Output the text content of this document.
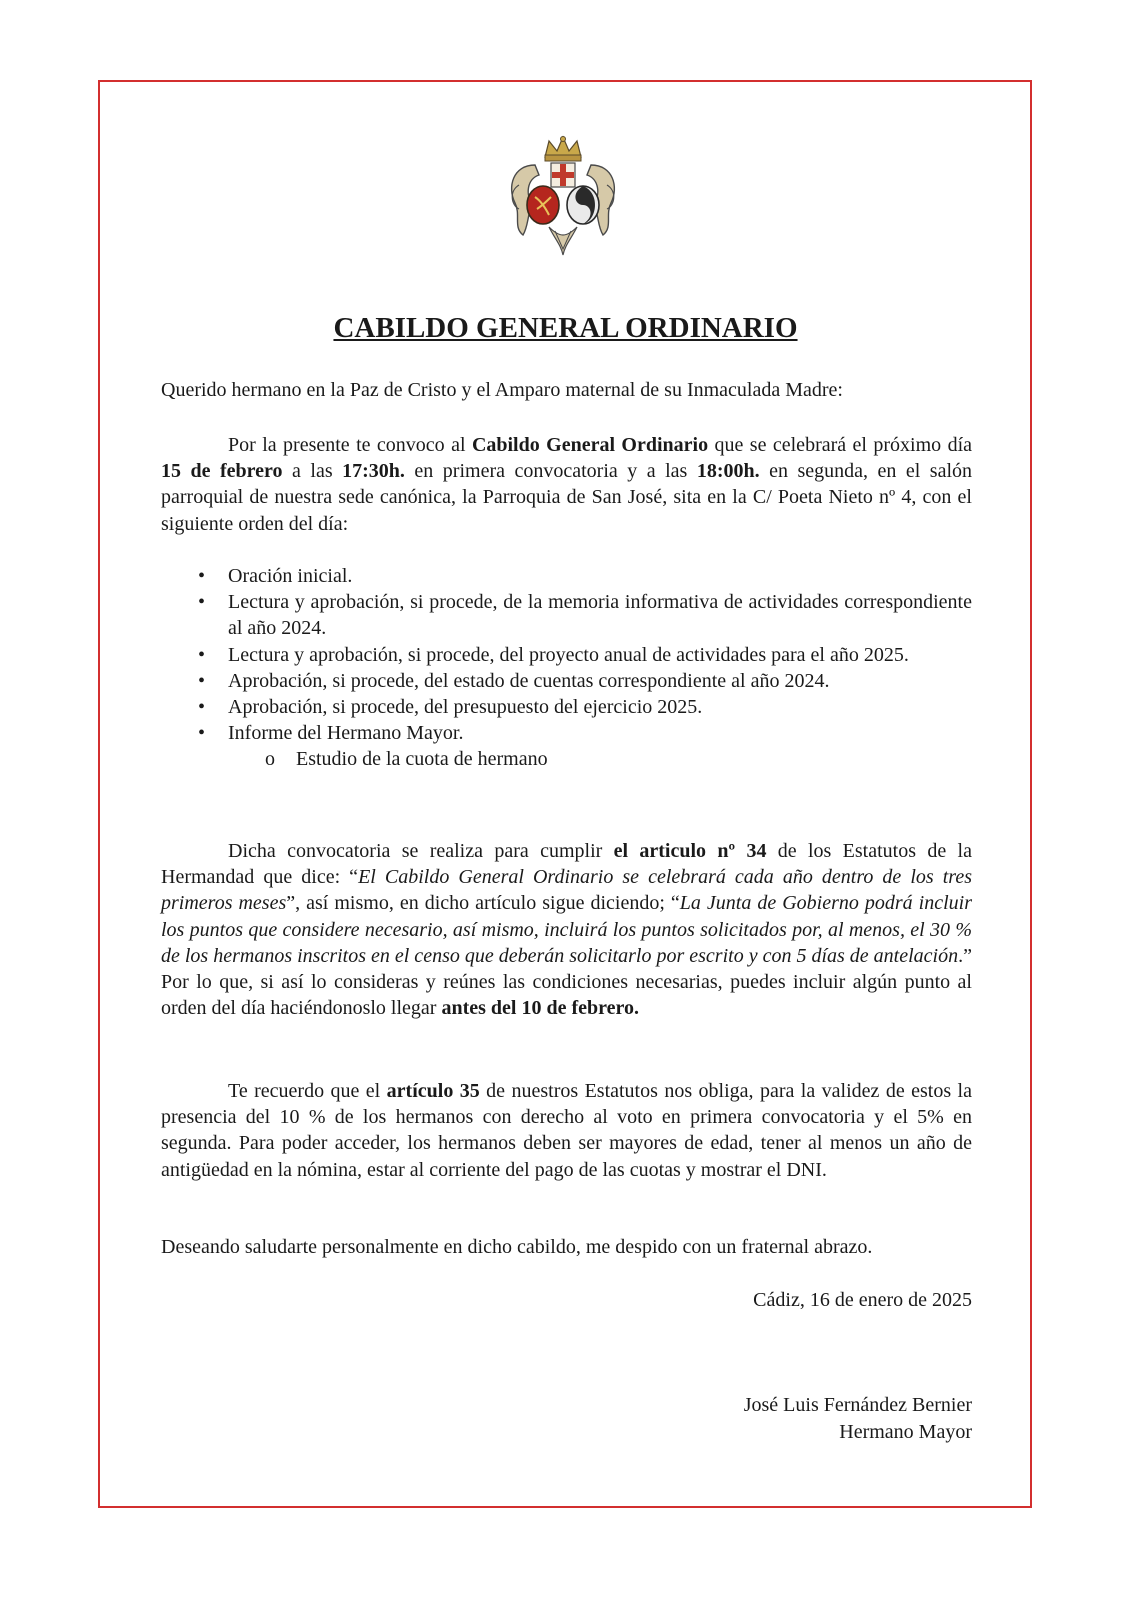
CABILDO GENERAL ORDINARIO

Querido hermano en la Paz de Cristo y el Amparo maternal de su Inmaculada Madre:

Por la presente te convoco al Cabildo General Ordinario que se celebrará el próximo día 15 de febrero a las 17:30h. en primera convocatoria y a las 18:00h. en segunda, en el salón parroquial de nuestra sede canónica, la Parroquia de San José, sita en la C/ Poeta Nieto nº 4, con el siguiente orden del día:

• Oración inicial.
• Lectura y aprobación, si procede, de la memoria informativa de actividades correspondiente al año 2024.
• Lectura y aprobación, si procede, del proyecto anual de actividades para el año 2025.
• Aprobación, si procede, del estado de cuentas correspondiente al año 2024.
• Aprobación, si procede, del presupuesto del ejercicio 2025.
• Informe del Hermano Mayor.
o Estudio de la cuota de hermano

Dicha convocatoria se realiza para cumplir el articulo nº 34 de los Estatutos de la Hermandad que dice: “El Cabildo General Ordinario se celebrará cada año dentro de los tres primeros meses”, así mismo, en dicho artículo sigue diciendo; “La Junta de Gobierno podrá incluir los puntos que considere necesario, así mismo, incluirá los puntos solicitados por, al menos, el 30 % de los hermanos inscritos en el censo que deberán solicitarlo por escrito y con 5 días de antelación.” Por lo que, si así lo consideras y reúnes las condiciones necesarias, puedes incluir algún punto al orden del día haciéndonoslo llegar antes del 10 de febrero.

Te recuerdo que el artículo 35 de nuestros Estatutos nos obliga, para la validez de estos la presencia del 10 % de los hermanos con derecho al voto en primera convocatoria y el 5% en segunda. Para poder acceder, los hermanos deben ser mayores de edad, tener al menos un año de antigüedad en la nómina, estar al corriente del pago de las cuotas y mostrar el DNI.

Deseando saludarte personalmente en dicho cabildo, me despido con un fraternal abrazo.

Cádiz, 16 de enero de 2025
José Luis Fernández Bernier
Hermano Mayor
